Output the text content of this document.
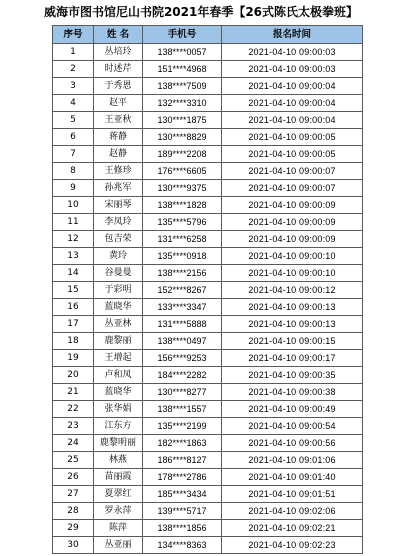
威海市图书馆尼山书院2021年春季【26式陈氏太极拳班】
序号	姓 名	手机号	报名时间
1	丛培玲	138****0057	2021-04-10 09:00:03
2	时述芹	151****4968	2021-04-10 09:00:03
3	于秀恩	138****7509	2021-04-10 09:00:04
4	赵平	132****3310	2021-04-10 09:00:04
5	王亚秋	130****1875	2021-04-10 09:00:04
6	蒋静	130****8829	2021-04-10 09:00:05
7	赵静	189****2208	2021-04-10 09:00:05
8	王修珍	176****6605	2021-04-10 09:00:07
9	孙兆军	130****9375	2021-04-10 09:00:07
10	宋丽琴	138****1828	2021-04-10 09:00:09
11	李凤玲	135****5796	2021-04-10 09:00:09
12	包吉荣	131****6258	2021-04-10 09:00:09
13	黄玲	135****0918	2021-04-10 09:00:10
14	谷曼曼	138****2156	2021-04-10 09:00:10
15	于彩明	152****8267	2021-04-10 09:00:12
16	蓝晓华	133****3347	2021-04-10 09:00:13
17	丛亚林	131****5888	2021-04-10 09:00:13
18	鹿黎丽	138****0497	2021-04-10 09:00:15
19	王增起	156****9253	2021-04-10 09:00:17
20	卢和凤	184****2282	2021-04-10 09:00:35
21	蓝晓华	130****8277	2021-04-10 09:00:38
22	张华娟	138****1557	2021-04-10 09:00:49
23	江东方	135****2199	2021-04-10 09:00:54
24	鹿黎明丽	182****1863	2021-04-10 09:00:56
25	林燕	186****8127	2021-04-10 09:01:06
26	苗丽霞	178****2786	2021-04-10 09:01:40
27	夏翠红	185****3434	2021-04-10 09:01:51
28	罗永萍	139****5717	2021-04-10 09:02:06
29	陈萍	138****1856	2021-04-10 09:02:21
30	丛亚丽	134****8363	2021-04-10 09:02:23
